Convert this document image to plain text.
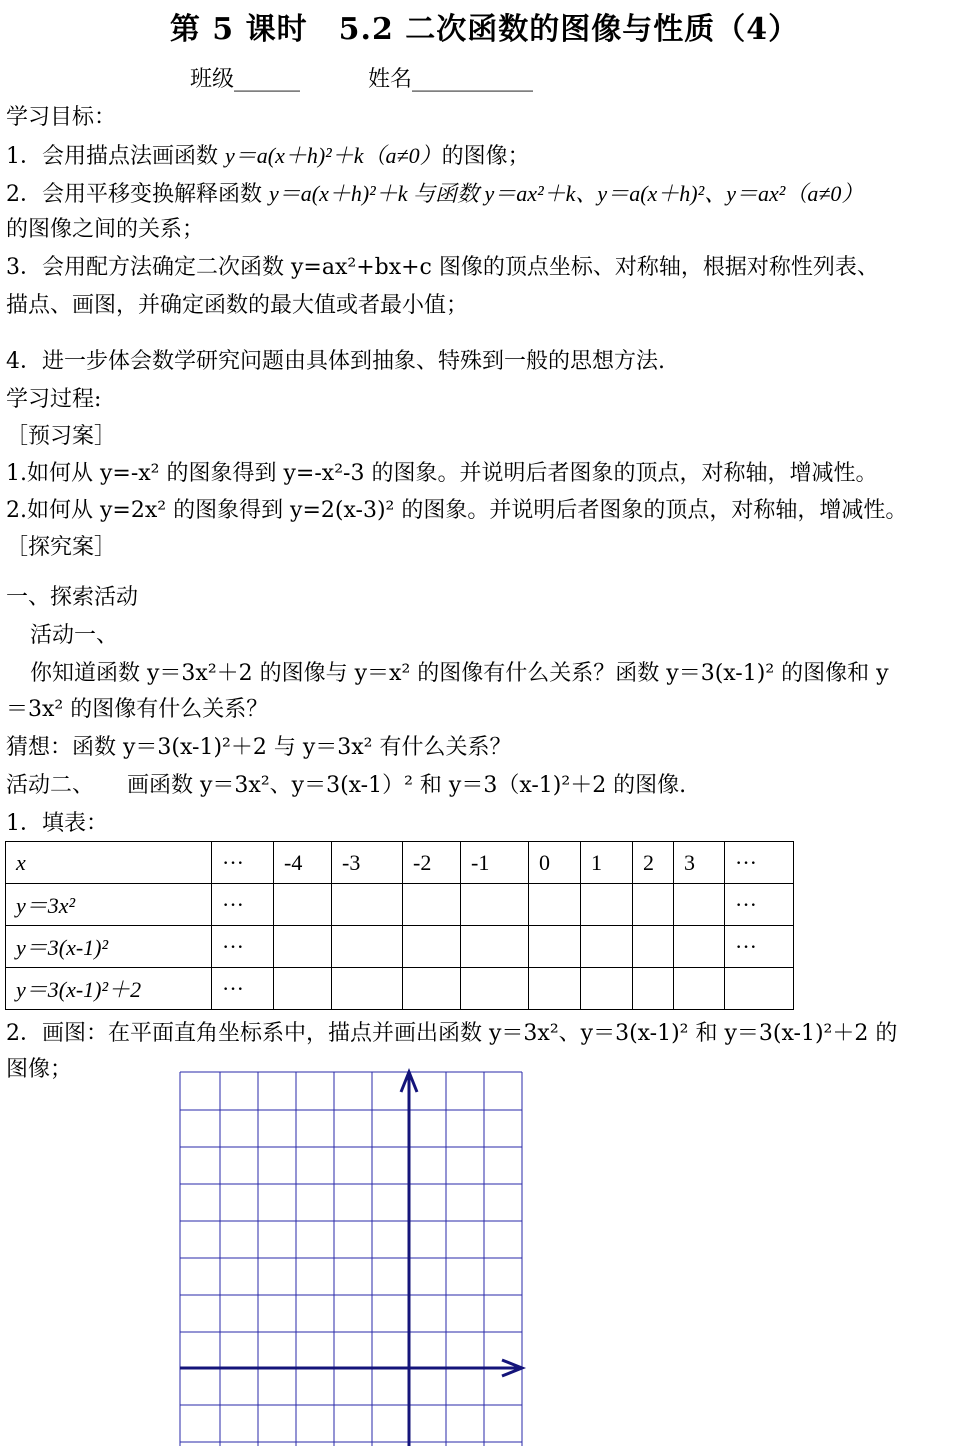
第 5 课时　5.2 二次函数的图像与性质（4）
班级______	姓名___________
学习目标：
1．会用描点法画函数 y＝a(x＋h)²＋k（a≠0）的图像；
2．会用平移变换解释函数 y＝a(x＋h)²＋k 与函数 y＝ax²＋k、y＝a(x＋h)²、y＝ax²（a≠0）
的图像之间的关系；
3．会用配方法确定二次函数 y=ax²+bx+c 图像的顶点坐标、对称轴，根据对称性列表、
描点、画图，并确定函数的最大值或者最小值；
4．进一步体会数学研究问题由具体到抽象、特殊到一般的思想方法.
学习过程:
［预习案］
1.如何从 y=-x² 的图象得到 y=-x²-3 的图象。并说明后者图象的顶点，对称轴，增减性。
2.如何从 y=2x² 的图象得到 y=2(x-3)² 的图象。并说明后者图象的顶点，对称轴，增减性。
［探究案］
一、探索活动
活动一、
你知道函数 y＝3x²＋2 的图像与 y＝x² 的图像有什么关系？函数 y＝3(x-1)² 的图像和 y
＝3x² 的图像有什么关系？
猜想：函数 y＝3(x-1)²＋2 与 y＝3x² 有什么关系？
活动二、　　画函数 y＝3x²、y＝3(x-1）² 和 y＝3（x-1)²＋2 的图像.
1．填表：
x	···	-4	-3	-2	-1	0	1	2	3	···
y＝3x²	···									···
y＝3(x-1)²	···									···
y＝3(x-1)²＋2	···									
2．画图：在平面直角坐标系中，描点并画出函数 y＝3x²、y＝3(x-1)² 和 y＝3(x-1)²＋2 的
图像；
